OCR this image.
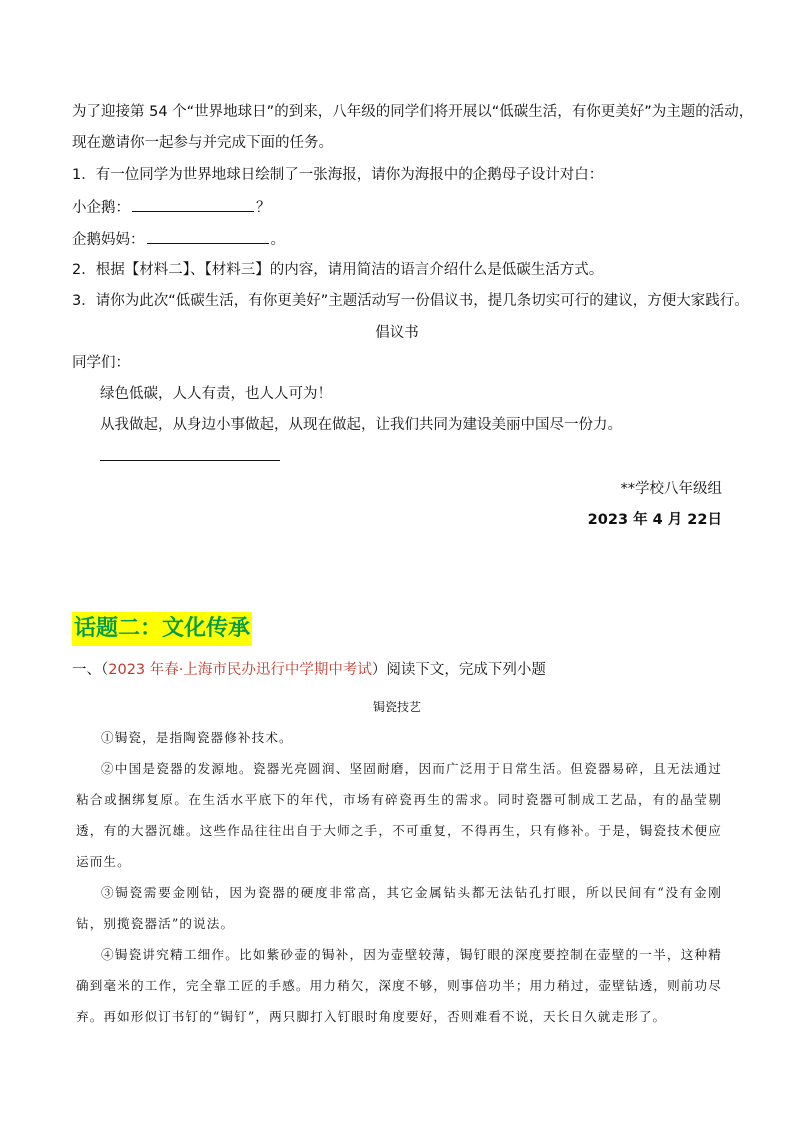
为了迎接第 54 个“世界地球日”的到来，八年级的同学们将开展以“低碳生活，有你更美好”为主题的活动，
现在邀请你一起参与并完成下面的任务。
1．有一位同学为世界地球日绘制了一张海报，请你为海报中的企鹅母子设计对白：
小企鹅：	？
企鹅妈妈：	。
2．根据【材料二】、【材料三】的内容，请用简洁的语言介绍什么是低碳生活方式。
3．请你为此次“低碳生活，有你更美好”主题活动写一份倡议书，提几条切实可行的建议，方便大家践行。
倡议书
同学们：
绿色低碳，人人有责，也人人可为！
从我做起，从身边小事做起，从现在做起，让我们共同为建设美丽中国尽一份力。
**学校八年级组
2023 年 4 月 22日
话题二：文化传承
一、（2023 年春·上海市民办迅行中学期中考试）阅读下文，完成下列小题
锔瓷技艺
①锔瓷，是指陶瓷器修补技术。
②中国是瓷器的发源地。瓷器光亮圆润、坚固耐磨，因而广泛用于日常生活。但瓷器易碎，且无法通过粘合或捆绑复原。在生活水平底下的年代，市场有碎瓷再生的需求。同时瓷器可制成工艺品，有的晶莹剔透，有的大器沉雄。这些作品往往出自于大师之手，不可重复，不得再生，只有修补。于是，锔瓷技术便应运而生。
③锔瓷需要金刚钻，因为瓷器的硬度非常高，其它金属钻头都无法钻孔打眼，所以民间有“没有金刚钻，别揽瓷器活”的说法。
④锔瓷讲究精工细作。比如紫砂壶的锔补，因为壶壁较薄，锔钉眼的深度要控制在壶壁的一半，这种精确到毫米的工作，完全靠工匠的手感。用力稍欠，深度不够，则事倍功半；用力稍过，壶壁钻透，则前功尽弃。再如形似订书钉的“锔钉”，两只脚打入钉眼时角度要好，否则难看不说，天长日久就走形了。
